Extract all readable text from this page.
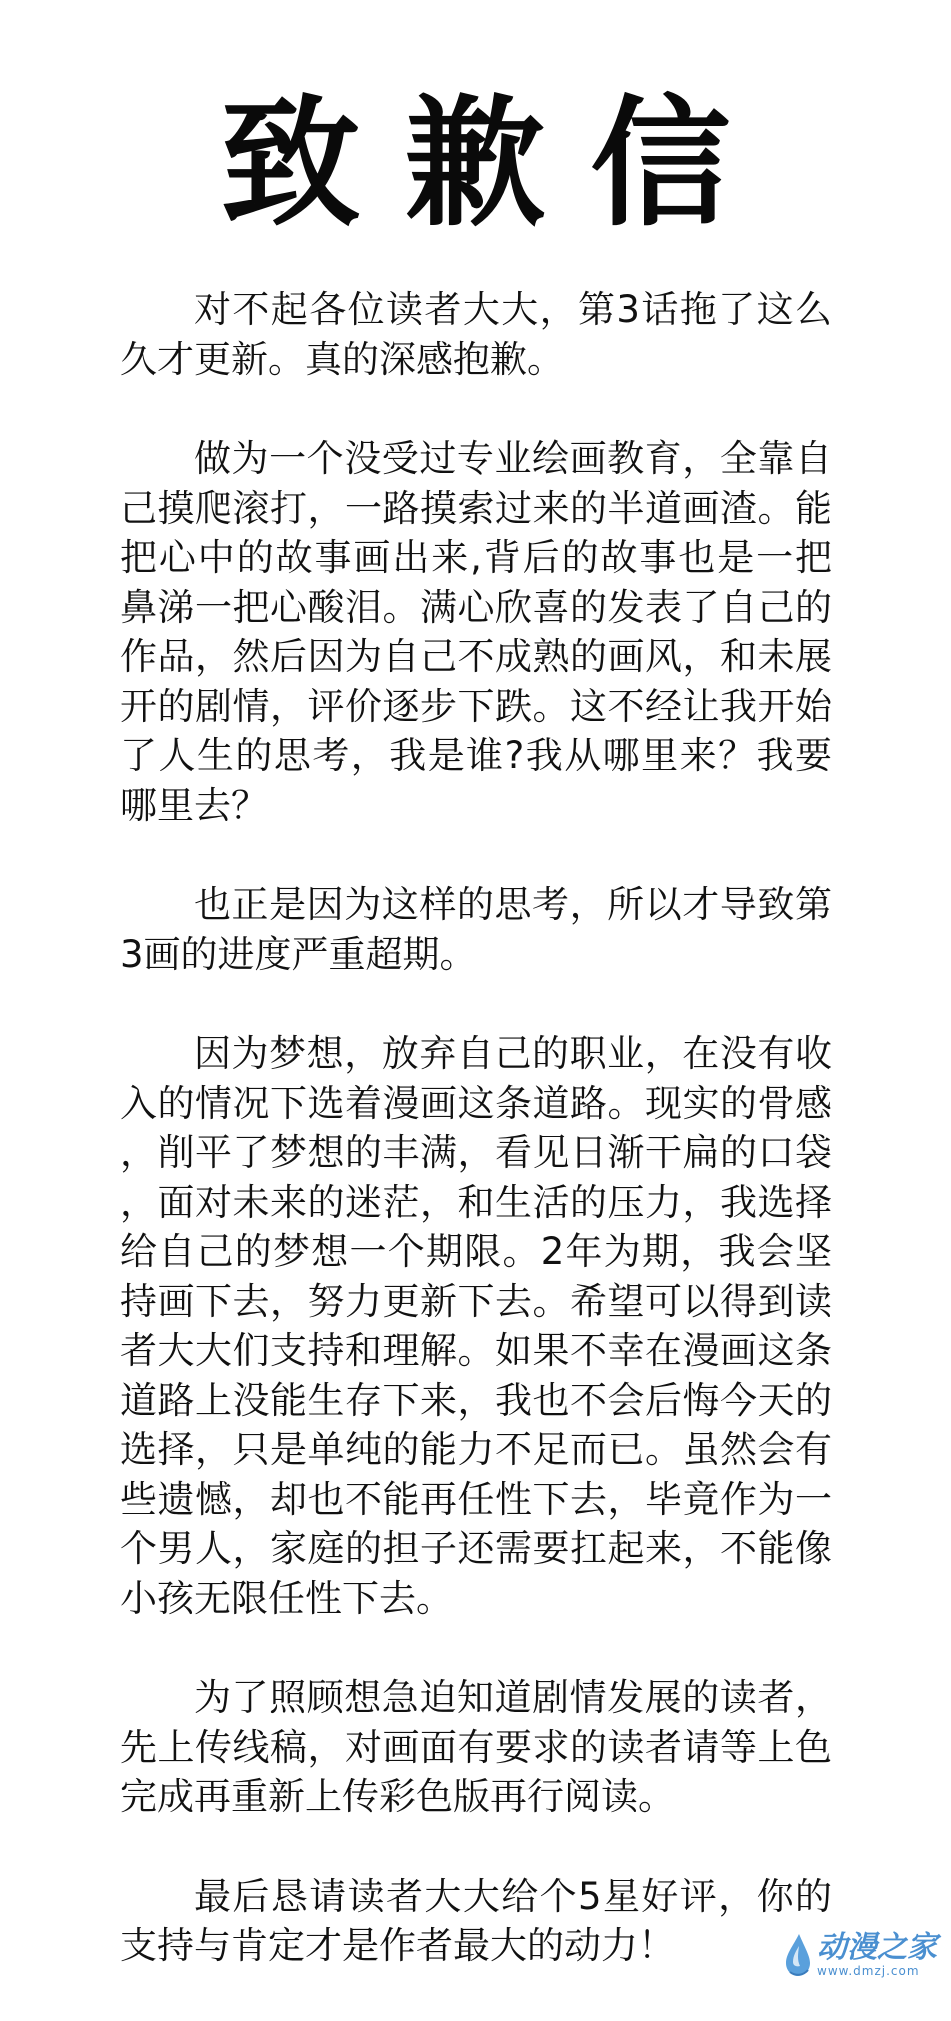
致歉信

对不起各位读者大大，第3话拖了这么久才更新。真的深感抱歉。

做为一个没受过专业绘画教育，全靠自己摸爬滚打，一路摸索过来的半道画渣。能把心中的故事画出来,背后的故事也是一把鼻涕一把心酸泪。满心欣喜的发表了自己的作品，然后因为自己不成熟的画风，和未展开的剧情，评价逐步下跌。这不经让我开始了人生的思考，我是谁?我从哪里来？我要哪里去？

也正是因为这样的思考，所以才导致第3画的进度严重超期。

因为梦想，放弃自己的职业，在没有收入的情况下选着漫画这条道路。现实的骨感，削平了梦想的丰满，看见日渐干扁的口袋，面对未来的迷茫，和生活的压力，我选择给自己的梦想一个期限。2年为期，我会坚持画下去，努力更新下去。希望可以得到读者大大们支持和理解。如果不幸在漫画这条道路上没能生存下来，我也不会后悔今天的选择，只是单纯的能力不足而已。虽然会有些遗憾，却也不能再任性下去，毕竟作为一个男人，家庭的担子还需要扛起来，不能像小孩无限任性下去。

为了照顾想急迫知道剧情发展的读者，先上传线稿，对画面有要求的读者请等上色完成再重新上传彩色版再行阅读。

最后恳请读者大大给个5星好评，你的支持与肯定才是作者最大的动力！	动漫之家
www.dmzj.com
